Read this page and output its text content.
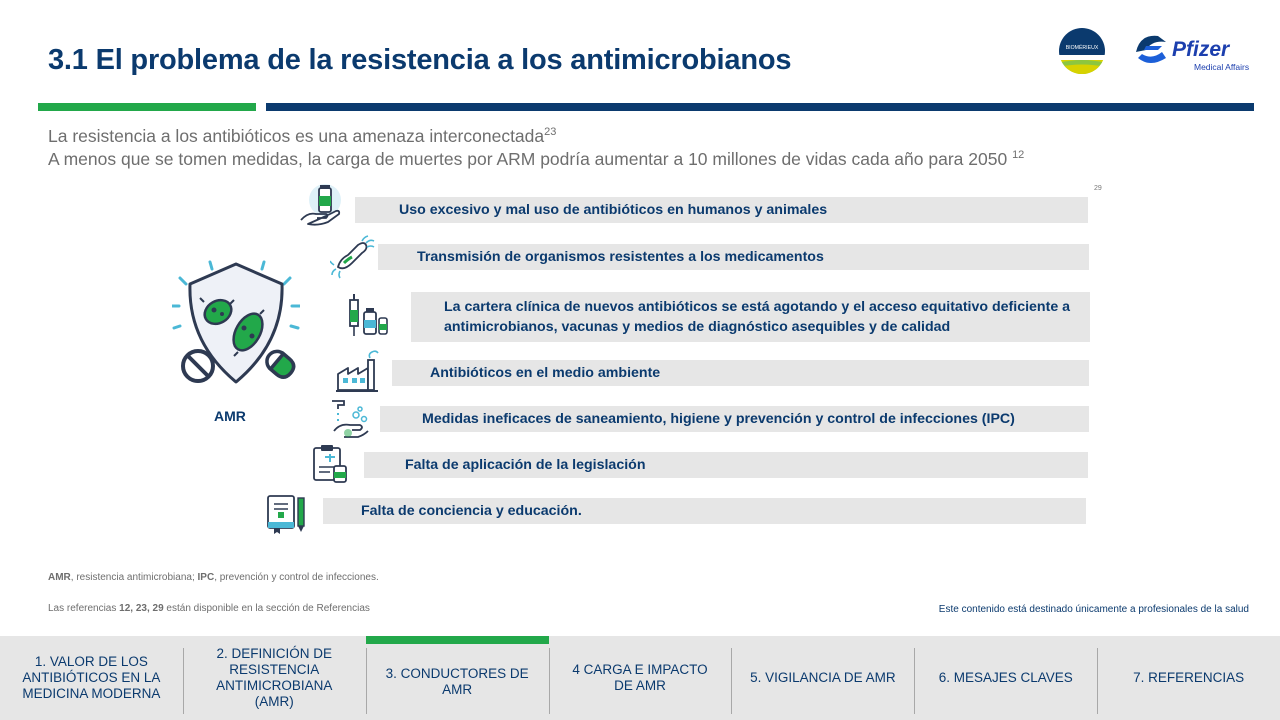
3.1 El problema de la resistencia a los antimicrobianos	BIOMÉRIEUX	Pfizer
Medical Affairs
La resistencia a los antibióticos es una amenaza interconectada$^{23}$
A menos que se tomen medidas, la carga de muertes por ARM podría aumentar a 10 millones de vidas cada año para 2050 $^{12}$
29
Uso excesivo y mal uso de antibióticos en humanos y animales
Transmisión de organismos resistentes a los medicamentos
La cartera clínica de nuevos antibióticos se está agotando y el acceso equitativo deficiente a antimicrobianos, vacunas y medios de diagnóstico asequibles y de calidad
Antibióticos en el medio ambiente
Medidas ineficaces de saneamiento, higiene y prevención y control de infecciones (IPC)
Falta de aplicación de la legislación
Falta de conciencia y educación.
AMR
AMR, resistencia antimicrobiana; IPC, prevención y control de infecciones.
Las referencias 12, 23, 29 están disponible en la sección de Referencias	Este contenido está destinado únicamente a profesionales de la salud
1. VALOR DE LOS
ANTIBIÓTICOS EN LA
MEDICINA MODERNA
2. DEFINICIÓN DE
RESISTENCIA
ANTIMICROBIANA (AMR)
3. CONDUCTORES DE
AMR
4 CARGA E IMPACTO
DE AMR
5. VIGILANCIA DE AMR	6. MESAJES CLAVES	7. REFERENCIAS
